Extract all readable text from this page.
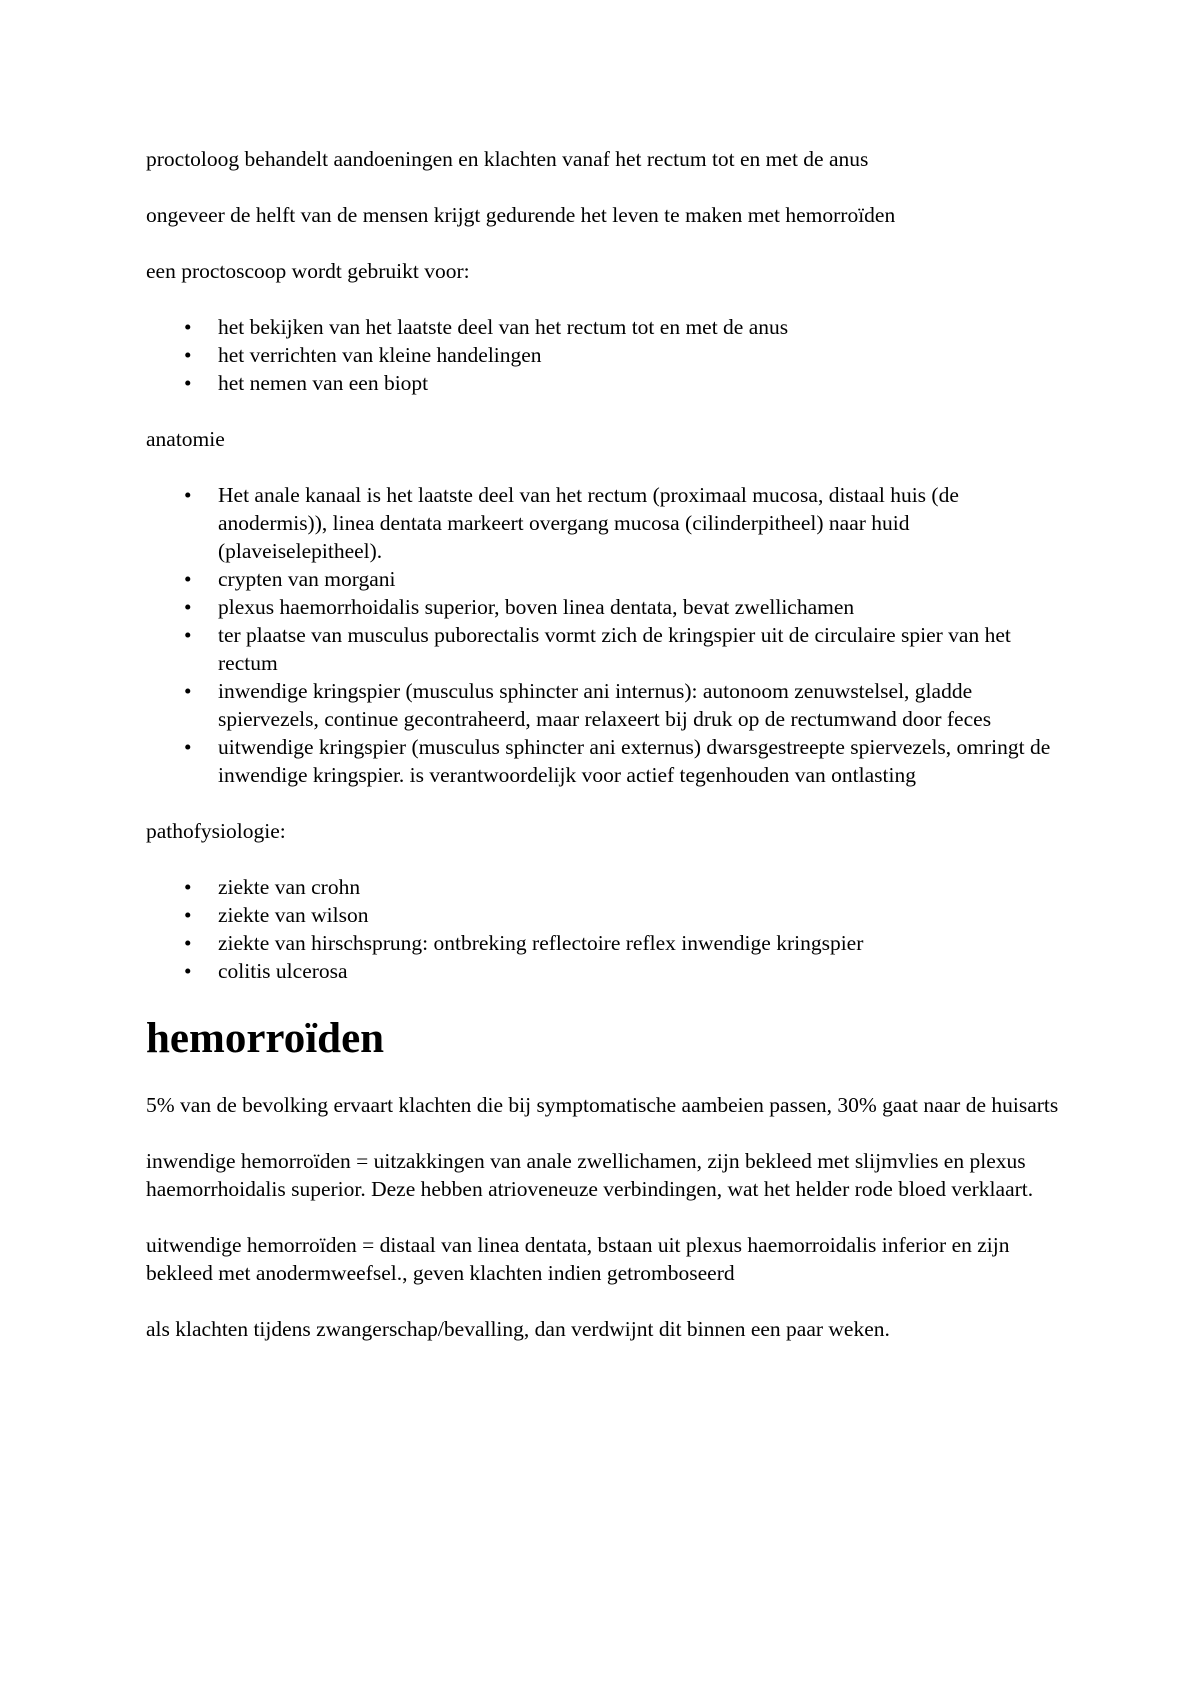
proctoloog behandelt aandoeningen en klachten vanaf het rectum tot en met de anus

ongeveer de helft van de mensen krijgt gedurende het leven te maken met hemorroïden

een proctoscoop wordt gebruikt voor:

• het bekijken van het laatste deel van het rectum tot en met de anus
• het verrichten van kleine handelingen
• het nemen van een biopt

anatomie

• Het anale kanaal is het laatste deel van het rectum (proximaal mucosa, distaal huis (de anodermis)), linea dentata markeert overgang mucosa (cilinderpitheel) naar huid (plaveiselepitheel).
• crypten van morgani
• plexus haemorrhoidalis superior, boven linea dentata, bevat zwellichamen
• ter plaatse van musculus puborectalis vormt zich de kringspier uit de circulaire spier van het rectum
• inwendige kringspier (musculus sphincter ani internus): autonoom zenuwstelsel, gladde spiervezels, continue gecontraheerd, maar relaxeert bij druk op de rectumwand door feces
• uitwendige kringspier (musculus sphincter ani externus) dwarsgestreepte spiervezels, omringt de inwendige kringspier. is verantwoordelijk voor actief tegenhouden van ontlasting

pathofysiologie:

• ziekte van crohn
• ziekte van wilson
• ziekte van hirschsprung: ontbreking reflectoire reflex inwendige kringspier
• colitis ulcerosa
hemorroïden

5% van de bevolking ervaart klachten die bij symptomatische aambeien passen, 30% gaat naar de huisarts

inwendige hemorroïden = uitzakkingen van anale zwellichamen, zijn bekleed met slijmvlies en plexus haemorrhoidalis superior. Deze hebben atrioveneuze verbindingen, wat het helder rode bloed verklaart.

uitwendige hemorroïden = distaal van linea dentata, bstaan uit plexus haemorroidalis inferior en zijn bekleed met anodermweefsel., geven klachten indien getromboseerd

als klachten tijdens zwangerschap/bevalling, dan verdwijnt dit binnen een paar weken.
